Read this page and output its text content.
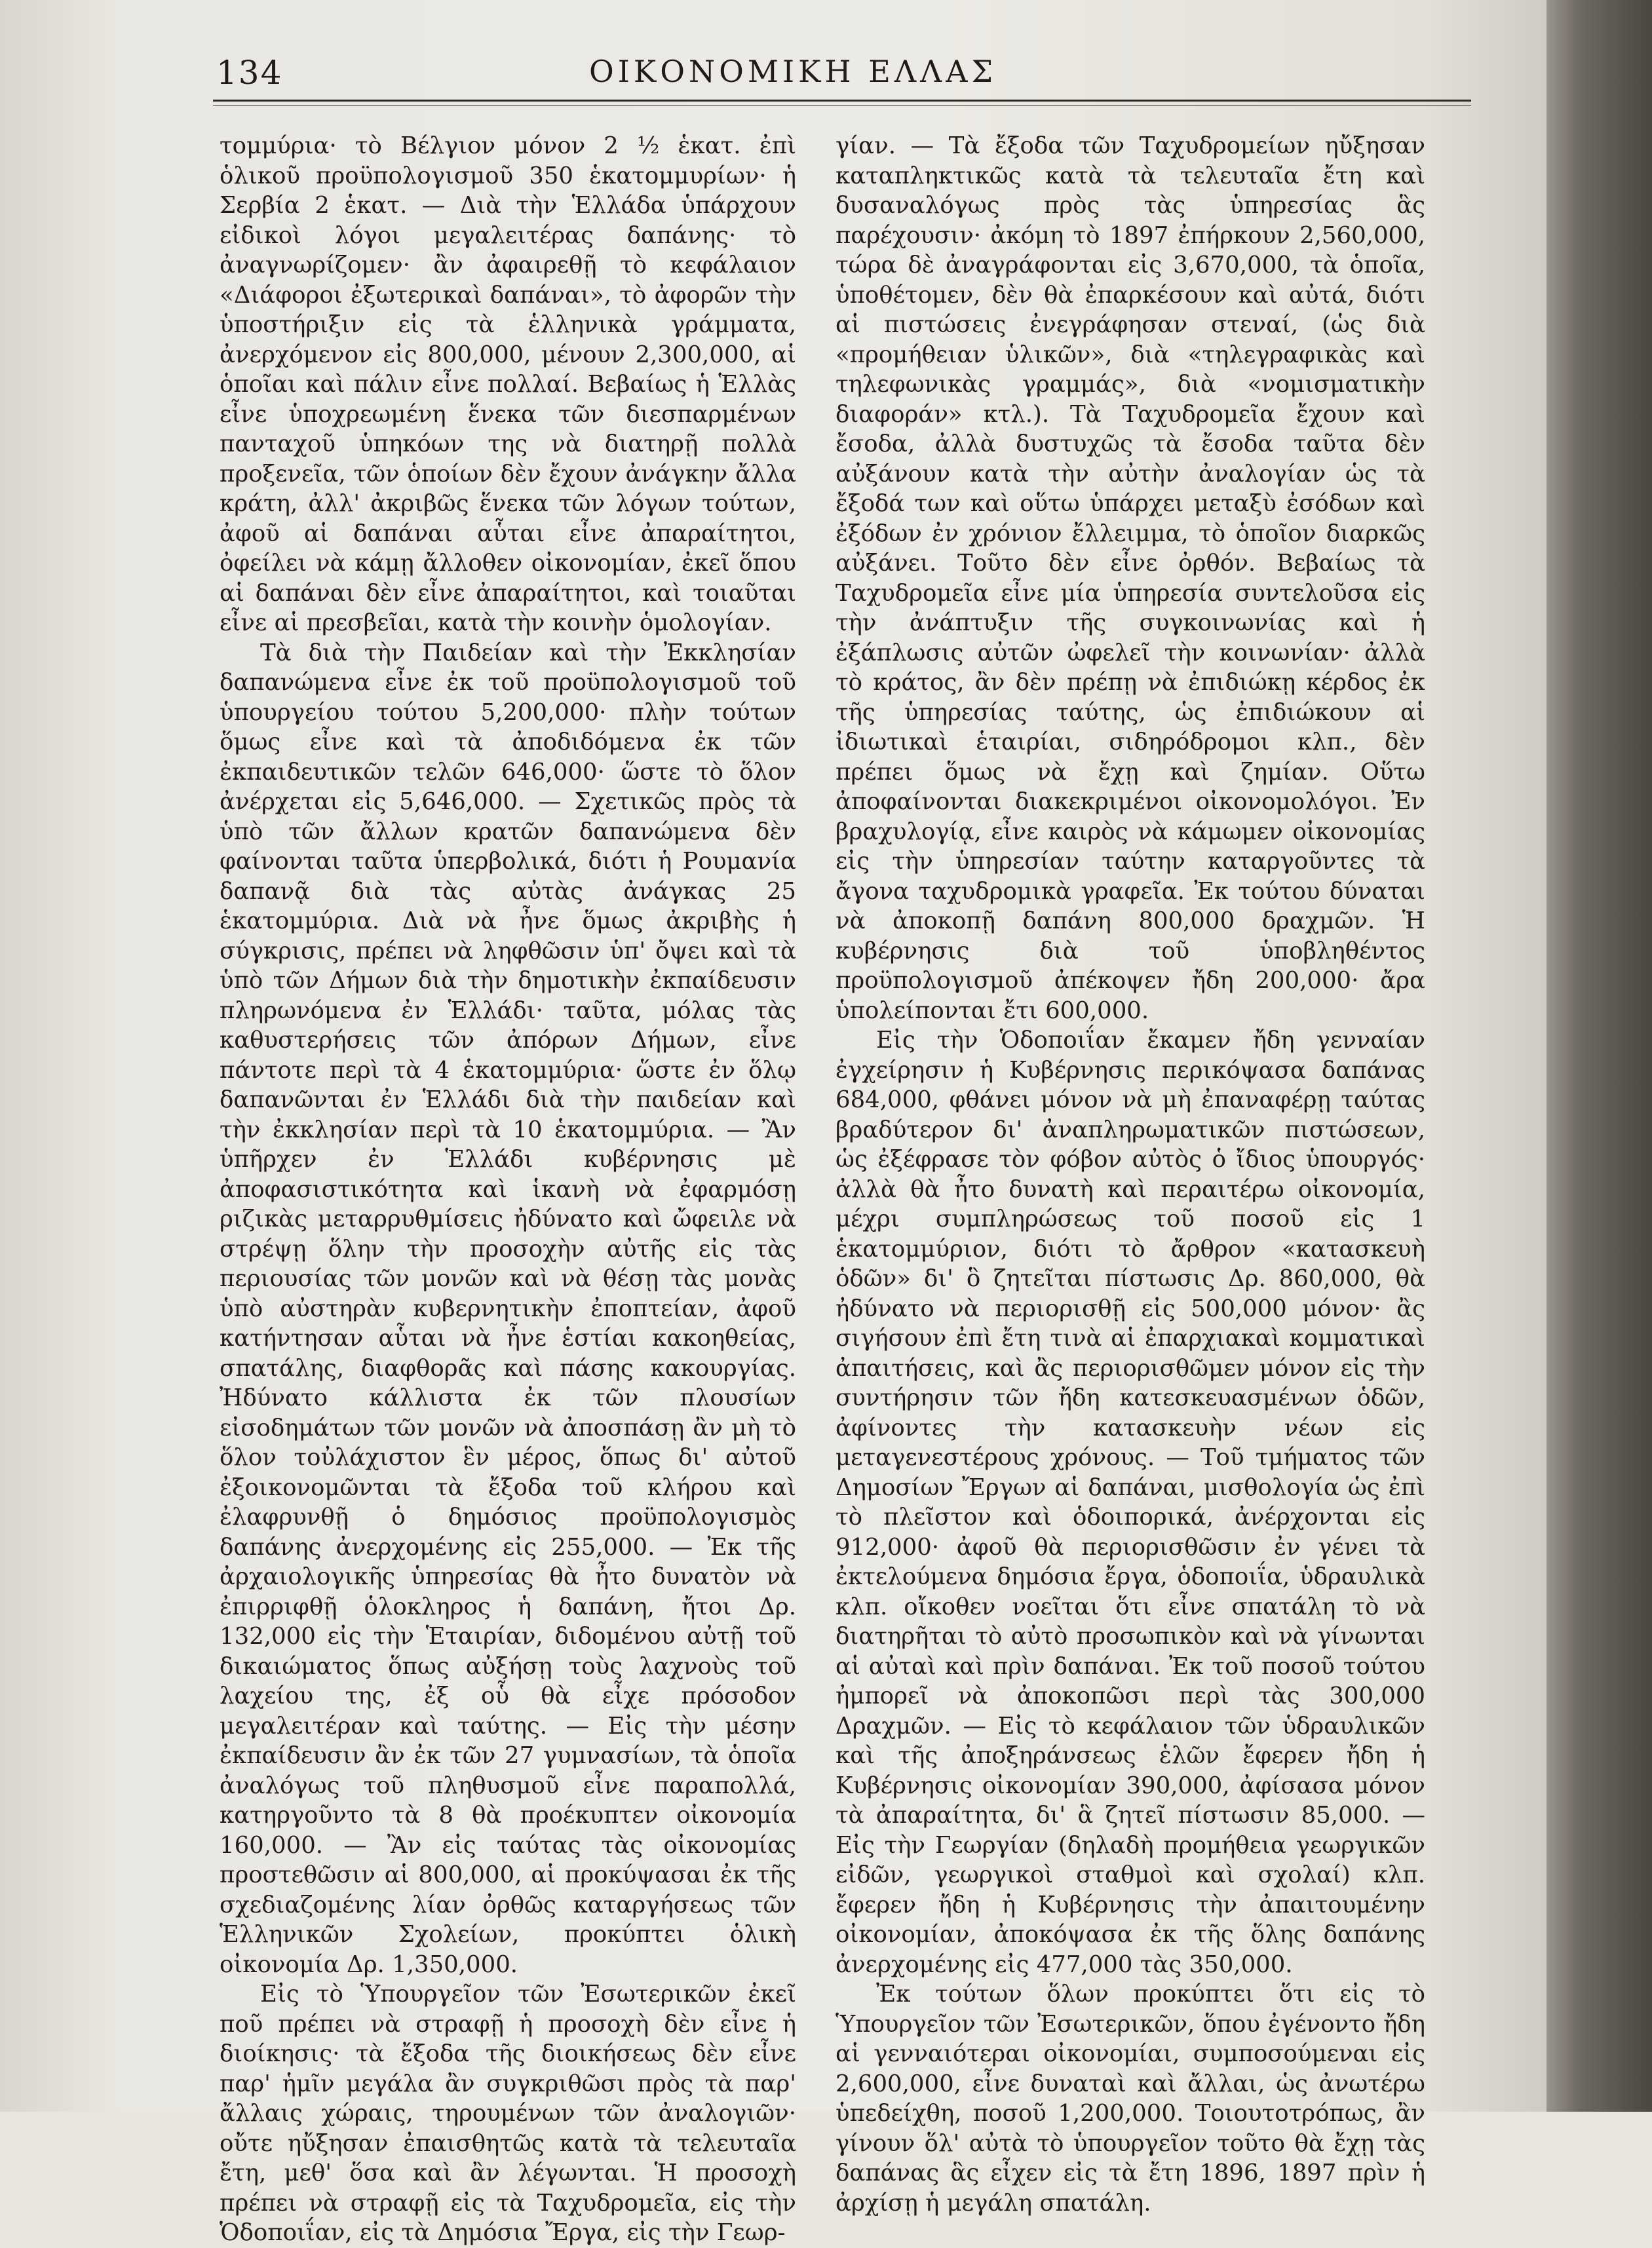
134	ΟΙΚΟΝΟΜΙΚΗ ΕΛΛΑΣ

τομμύρια· τὸ Βέλγιον μόνον 2 ½ ἑκατ. ἐπὶ ὁλικοῦ προϋπολογισμοῦ 350 ἑκατομμυρίων· ἡ Σερβία 2 ἑκατ. — Διὰ τὴν Ἑλλάδα ὑπάρχουν εἰδικοὶ λόγοι μεγαλειτέρας δαπάνης· τὸ ἀναγνωρίζομεν· ἂν ἀφαιρεθῇ τὸ κεφάλαιον «Διάφοροι ἐξωτερικαὶ δαπάναι», τὸ ἀφορῶν τὴν ὑποστήριξιν εἰς τὰ ἑλληνικὰ γράμματα, ἀνερχόμενον εἰς 800,000, μένουν 2,300,000, αἱ ὁποῖαι καὶ πάλιν εἶνε πολλαί. Βεβαίως ἡ Ἑλλὰς εἶνε ὑποχρεωμένη ἕνεκα τῶν διεσπαρμένων πανταχοῦ ὑπηκόων της νὰ διατηρῇ πολλὰ προξενεῖα, τῶν ὁποίων δὲν ἔχουν ἀνάγκην ἄλλα κράτη, ἀλλ' ἀκριβῶς ἕνεκα τῶν λόγων τούτων, ἀφοῦ αἱ δαπάναι αὗται εἶνε ἀπαραίτητοι, ὀφείλει νὰ κάμῃ ἄλλοθεν οἰκονομίαν, ἐκεῖ ὅπου αἱ δαπάναι δὲν εἶνε ἀπαραίτητοι, καὶ τοιαῦται εἶνε αἱ πρεσβεῖαι, κατὰ τὴν κοινὴν ὁμολογίαν.

Τὰ διὰ τὴν Παιδείαν καὶ τὴν Ἐκκλησίαν δαπανώμενα εἶνε ἐκ τοῦ προϋπολογισμοῦ τοῦ ὑπουργείου τούτου 5,200,000· πλὴν τούτων ὅμως εἶνε καὶ τὰ ἀποδιδόμενα ἐκ τῶν ἐκπαιδευτικῶν τελῶν 646,000· ὥστε τὸ ὅλον ἀνέρχεται εἰς 5,646,000. — Σχετικῶς πρὸς τὰ ὑπὸ τῶν ἄλλων κρατῶν δαπανώμενα δὲν φαίνονται ταῦτα ὑπερβολικά, διότι ἡ Ρουμανία δαπανᾷ διὰ τὰς αὐτὰς ἀνάγκας 25 ἑκατομμύρια. Διὰ νὰ ἦνε ὅμως ἀκριβὴς ἡ σύγκρισις, πρέπει νὰ ληφθῶσιν ὑπ' ὄψει καὶ τὰ ὑπὸ τῶν Δήμων διὰ τὴν δημοτικὴν ἐκπαίδευσιν πληρωνόμενα ἐν Ἑλλάδι· ταῦτα, μόλας τὰς καθυστερήσεις τῶν ἀπόρων Δήμων, εἶνε πάντοτε περὶ τὰ 4 ἑκατομμύρια· ὥστε ἐν ὅλῳ δαπανῶνται ἐν Ἑλλάδι διὰ τὴν παιδείαν καὶ τὴν ἐκκλησίαν περὶ τὰ 10 ἑκατομμύρια. — Ἂν ὑπῆρχεν ἐν Ἑλλάδι κυβέρνησις μὲ ἀποφασιστικότητα καὶ ἱκανὴ νὰ ἐφαρμόσῃ ριζικὰς μεταρρυθμίσεις ἠδύνατο καὶ ὤφειλε νὰ στρέψῃ ὅλην τὴν προσοχὴν αὐτῆς εἰς τὰς περιουσίας τῶν μονῶν καὶ νὰ θέσῃ τὰς μονὰς ὑπὸ αὐστηρὰν κυβερνητικὴν ἐποπτείαν, ἀφοῦ κατήντησαν αὗται νὰ ἦνε ἑστίαι κακοηθείας, σπατάλης, διαφθορᾶς καὶ πάσης κακουργίας. Ἠδύνατο κάλλιστα ἐκ τῶν πλουσίων εἰσοδημάτων τῶν μονῶν νὰ ἀποσπάσῃ ἂν μὴ τὸ ὅλον τοὐλάχιστον ἓν μέρος, ὅπως δι' αὐτοῦ ἐξοικονομῶνται τὰ ἔξοδα τοῦ κλήρου καὶ ἐλαφρυνθῇ ὁ δημόσιος προϋπολογισμὸς δαπάνης ἀνερχομένης εἰς 255,000. — Ἐκ τῆς ἀρχαιολογικῆς ὑπηρεσίας θὰ ἦτο δυνατὸν νὰ ἐπιρριφθῇ ὁλοκληρος ἡ δαπάνη, ἤτοι Δρ. 132,000 εἰς τὴν Ἑταιρίαν, διδομένου αὐτῇ τοῦ δικαιώματος ὅπως αὐξήσῃ τοὺς λαχνοὺς τοῦ λαχείου της, ἐξ οὗ θὰ εἶχε πρόσοδον μεγαλειτέραν καὶ ταύτης. — Εἰς τὴν μέσην ἐκπαίδευσιν ἂν ἐκ τῶν 27 γυμνασίων, τὰ ὁποῖα ἀναλόγως τοῦ πληθυσμοῦ εἶνε παραπολλά, κατηργοῦντο τὰ 8 θὰ προέκυπτεν οἰκονομία 160,000. — Ἂν εἰς ταύτας τὰς οἰκονομίας προστεθῶσιν αἱ 800,000, αἱ προκύψασαι ἐκ τῆς σχεδιαζομένης λίαν ὀρθῶς καταργήσεως τῶν Ἑλληνικῶν Σχολείων, προκύπτει ὁλικὴ οἰκονομία Δρ. 1,350,000.

Εἰς τὸ Ὑπουργεῖον τῶν Ἐσωτερικῶν ἐκεῖ ποῦ πρέπει νὰ στραφῇ ἡ προσοχὴ δὲν εἶνε ἡ διοίκησις· τὰ ἔξοδα τῆς διοικήσεως δὲν εἶνε παρ' ἡμῖν μεγάλα ἂν συγκριθῶσι πρὸς τὰ παρ' ἄλλαις χώραις, τηρουμένων τῶν ἀναλογιῶν· οὔτε ηὔξησαν ἐπαισθητῶς κατὰ τὰ τελευταῖα ἔτη, μεθ' ὅσα καὶ ἂν λέγωνται. Ἡ προσοχὴ πρέπει νὰ στραφῇ εἰς τὰ Ταχυδρομεῖα, εἰς τὴν Ὁδοποιΐαν, εἰς τὰ Δημόσια Ἔργα, εἰς τὴν Γεωρ-

γίαν. — Τὰ ἔξοδα τῶν Ταχυδρομείων ηὔξησαν καταπληκτικῶς κατὰ τὰ τελευταῖα ἔτη καὶ δυσαναλόγως πρὸς τὰς ὑπηρεσίας ἃς παρέχουσιν· ἀκόμη τὸ 1897 ἐπήρκουν 2,560,000, τώρα δὲ ἀναγράφονται εἰς 3,670,000, τὰ ὁποῖα, ὑποθέτομεν, δὲν θὰ ἐπαρκέσουν καὶ αὐτά, διότι αἱ πιστώσεις ἐνεγράφησαν στεναί, (ὡς διὰ «προμήθειαν ὑλικῶν», διὰ «τηλεγραφικὰς καὶ τηλεφωνικὰς γραμμάς», διὰ «νομισματικὴν διαφοράν» κτλ.). Τὰ Ταχυδρομεῖα ἔχουν καὶ ἔσοδα, ἀλλὰ δυστυχῶς τὰ ἔσοδα ταῦτα δὲν αὐξάνουν κατὰ τὴν αὐτὴν ἀναλογίαν ὡς τὰ ἔξοδά των καὶ οὕτω ὑπάρχει μεταξὺ ἐσόδων καὶ ἐξόδων ἐν χρόνιον ἔλλειμμα, τὸ ὁποῖον διαρκῶς αὐξάνει. Τοῦτο δὲν εἶνε ὀρθόν. Βεβαίως τὰ Ταχυδρομεῖα εἶνε μία ὑπηρεσία συντελοῦσα εἰς τὴν ἀνάπτυξιν τῆς συγκοινωνίας καὶ ἡ ἐξάπλωσις αὐτῶν ὠφελεῖ τὴν κοινωνίαν· ἀλλὰ τὸ κράτος, ἂν δὲν πρέπῃ νὰ ἐπιδιώκῃ κέρδος ἐκ τῆς ὑπηρεσίας ταύτης, ὡς ἐπιδιώκουν αἱ ἰδιωτικαὶ ἑταιρίαι, σιδηρόδρομοι κλπ., δὲν πρέπει ὅμως νὰ ἔχῃ καὶ ζημίαν. Οὕτω ἀποφαίνονται διακεκριμένοι οἰκονομολόγοι. Ἐν βραχυλογίᾳ, εἶνε καιρὸς νὰ κάμωμεν οἰκονομίας εἰς τὴν ὑπηρεσίαν ταύτην καταργοῦντες τὰ ἄγονα ταχυδρομικὰ γραφεῖα. Ἐκ τούτου δύναται νὰ ἀποκοπῇ δαπάνη 800,000 δραχμῶν. Ἡ κυβέρνησις διὰ τοῦ ὑποβληθέντος προϋπολογισμοῦ ἀπέκοψεν ἤδη 200,000· ἄρα ὑπολείπονται ἔτι 600,000.

Εἰς τὴν Ὁδοποιΐαν ἔκαμεν ἤδη γενναίαν ἐγχείρησιν ἡ Κυβέρνησις περικόψασα δαπάνας 684,000, φθάνει μόνον νὰ μὴ ἐπαναφέρῃ ταύτας βραδύτερον δι' ἀναπληρωματικῶν πιστώσεων, ὡς ἐξέφρασε τὸν φόβον αὐτὸς ὁ ἴδιος ὑπουργός· ἀλλὰ θὰ ἦτο δυνατὴ καὶ περαιτέρω οἰκονομία, μέχρι συμπληρώσεως τοῦ ποσοῦ εἰς 1 ἑκατομμύριον, διότι τὸ ἄρθρον «κατασκευὴ ὁδῶν» δι' ὃ ζητεῖται πίστωσις Δρ. 860,000, θὰ ἠδύνατο νὰ περιορισθῇ εἰς 500,000 μόνον· ἂς σιγήσουν ἐπὶ ἔτη τινὰ αἱ ἐπαρχιακαὶ κομματικαὶ ἀπαιτήσεις, καὶ ἂς περιορισθῶμεν μόνον εἰς τὴν συντήρησιν τῶν ἤδη κατεσκευασμένων ὁδῶν, ἀφίνοντες τὴν κατασκευὴν νέων εἰς μεταγενεστέρους χρόνους. — Τοῦ τμήματος τῶν Δημοσίων Ἔργων αἱ δαπάναι, μισθολογία ὡς ἐπὶ τὸ πλεῖστον καὶ ὁδοιπορικά, ἀνέρχονται εἰς 912,000· ἀφοῦ θὰ περιορισθῶσιν ἐν γένει τὰ ἐκτελούμενα δημόσια ἔργα, ὁδοποιΐα, ὑδραυλικὰ κλπ. οἴκοθεν νοεῖται ὅτι εἶνε σπατάλη τὸ νὰ διατηρῆται τὸ αὐτὸ προσωπικὸν καὶ νὰ γίνωνται αἱ αὐταὶ καὶ πρὶν δαπάναι. Ἐκ τοῦ ποσοῦ τούτου ἠμπορεῖ νὰ ἀποκοπῶσι περὶ τὰς 300,000 Δραχμῶν. — Εἰς τὸ κεφάλαιον τῶν ὑδραυλικῶν καὶ τῆς ἀποξηράνσεως ἑλῶν ἔφερεν ἤδη ἡ Κυβέρνησις οἰκονομίαν 390,000, ἀφίσασα μόνον τὰ ἀπαραίτητα, δι' ἃ ζητεῖ πίστωσιν 85,000. — Εἰς τὴν Γεωργίαν (δηλαδὴ προμήθεια γεωργικῶν εἰδῶν, γεωργικοὶ σταθμοὶ καὶ σχολαί) κλπ. ἔφερεν ἤδη ἡ Κυβέρνησις τὴν ἀπαιτουμένην οἰκονομίαν, ἀποκόψασα ἐκ τῆς ὅλης δαπάνης ἀνερχομένης εἰς 477,000 τὰς 350,000.

Ἐκ τούτων ὅλων προκύπτει ὅτι εἰς τὸ Ὑπουργεῖον τῶν Ἐσωτερικῶν, ὅπου ἐγένοντο ἤδη αἱ γενναιότεραι οἰκονομίαι, συμποσούμεναι εἰς 2,600,000, εἶνε δυναταὶ καὶ ἄλλαι, ὡς ἀνωτέρω ὑπεδείχθη, ποσοῦ 1,200,000. Τοιουτοτρόπως, ἂν γίνουν ὅλ' αὐτὰ τὸ ὑπουργεῖον τοῦτο θὰ ἔχῃ τὰς δαπάνας ἃς εἶχεν εἰς τὰ ἔτη 1896, 1897 πρὶν ἡ ἀρχίσῃ ἡ μεγάλη σπατάλη.
